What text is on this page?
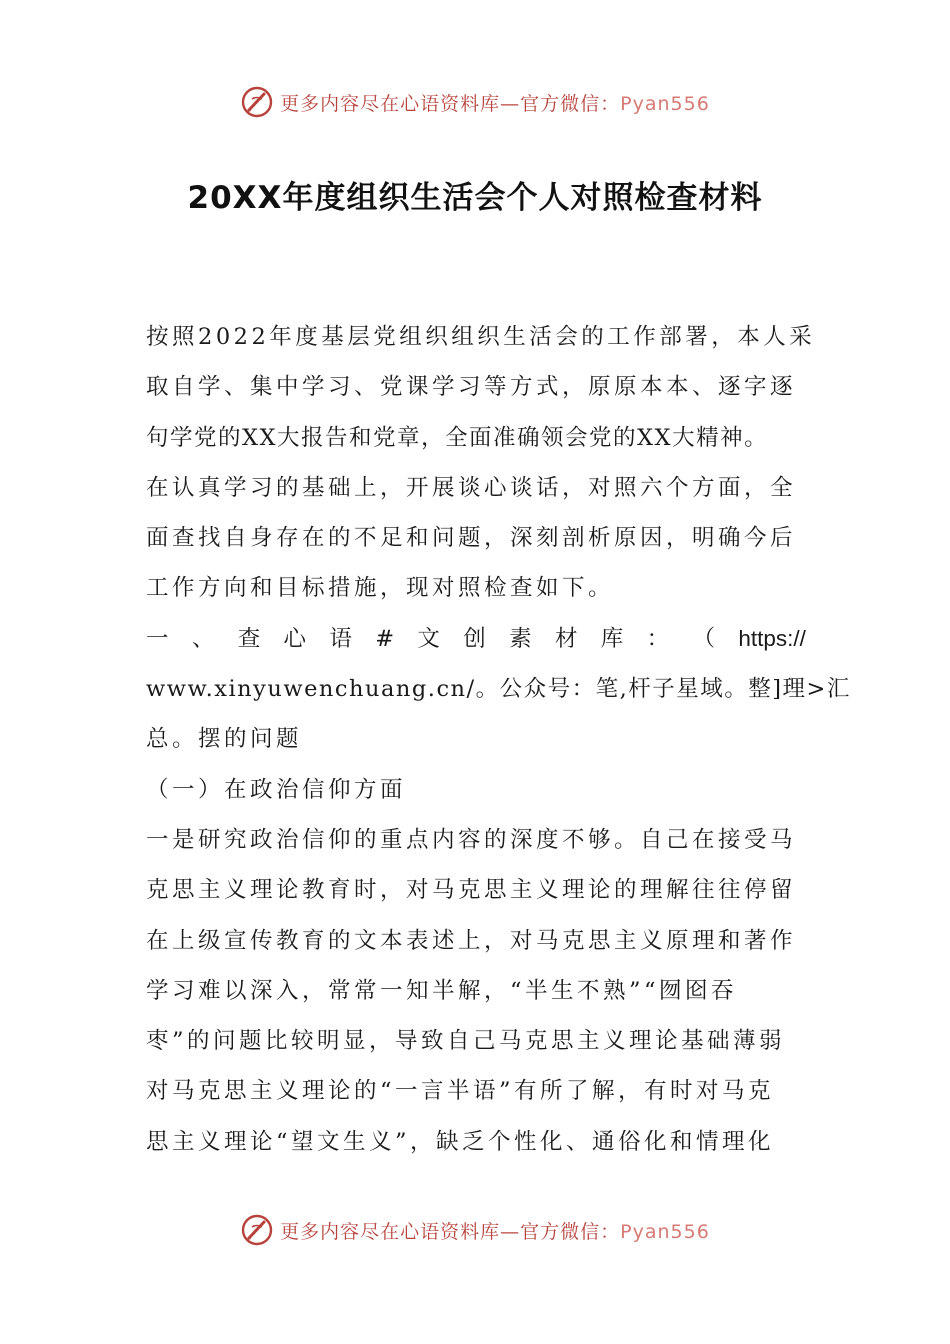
更多内容尽在心语资料库—官方微信：Pyan556
20XX年度组织生活会个人对照检查材料
按照2022年度基层党组织组织生活会的工作部署，本人采
取自学、集中学习、党课学习等方式，原原本本、逐字逐
句学党的XX大报告和党章，全面准确领会党的XX大精神。
在认真学习的基础上，开展谈心谈话，对照六个方面，全
面查找自身存在的不足和问题，深刻剖析原因，明确今后
工作方向和目标措施，现对照检查如下。
一 、 查 心 语 # 文 创 素 材 库 ： （ https://
www.xinyuwenchuang.cn/。公众号：笔,杆子星域。整]理>汇
总。摆的问题
（一）在政治信仰方面
一是研究政治信仰的重点内容的深度不够。自己在接受马
克思主义理论教育时，对马克思主义理论的理解往往停留
在上级宣传教育的文本表述上，对马克思主义原理和著作
学习难以深入，常常一知半解，“半生不熟”“囫囵吞
枣”的问题比较明显，导致自己马克思主义理论基础薄弱
对马克思主义理论的“一言半语”有所了解，有时对马克
思主义理论“望文生义”，缺乏个性化、通俗化和情理化
更多内容尽在心语资料库—官方微信：Pyan556
